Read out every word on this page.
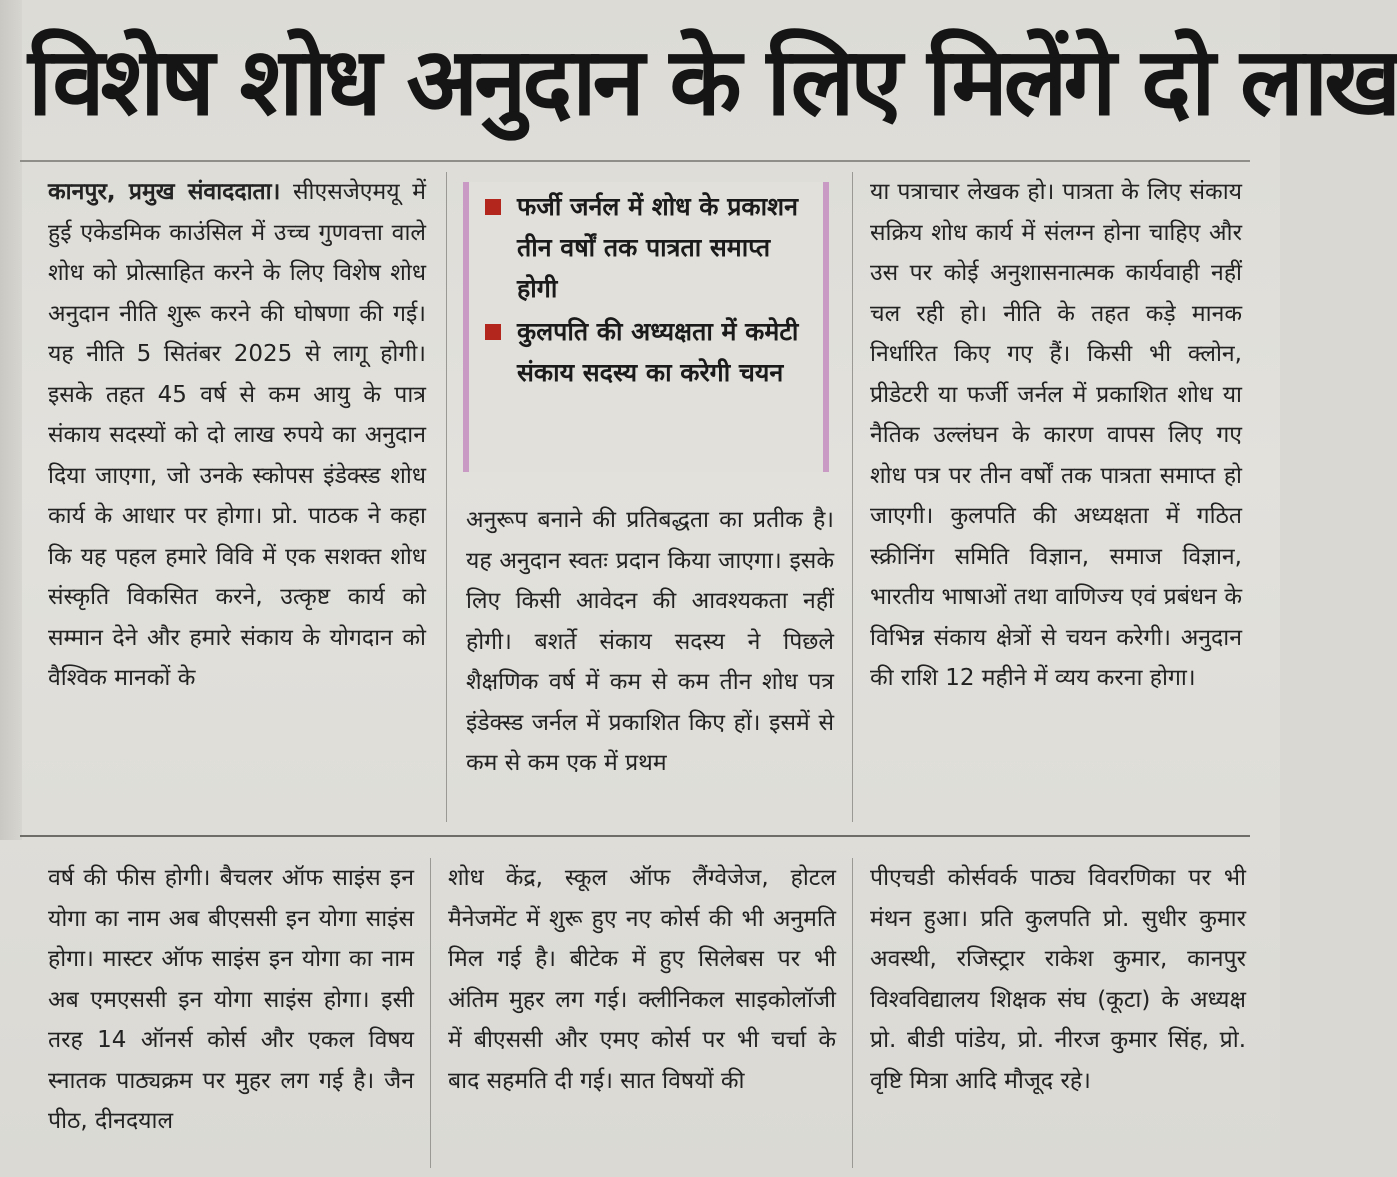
विशेष शोध अनुदान के लिए मिलेंगे दो लाख

कानपुर, प्रमुख संवाददाता। सीएसजेएमयू में हुई एकेडमिक काउंसिल में उच्च गुणवत्ता वाले शोध को प्रोत्साहित करने के लिए विशेष शोध अनुदान नीति शुरू करने की घोषणा की गई। यह नीति 5 सितंबर 2025 से लागू होगी। इसके तहत 45 वर्ष से कम आयु के पात्र संकाय सदस्यों को दो लाख रुपये का अनुदान दिया जाएगा, जो उनके स्कोपस इंडेक्स्ड शोध कार्य के आधार पर होगा। प्रो. पाठक ने कहा कि यह पहल हमारे विवि में एक सशक्त शोध संस्कृति विकसित करने, उत्कृष्ट कार्य को सम्मान देने और हमारे संकाय के योगदान को वैश्विक मानकों के

फर्जी जर्नल में शोध के प्रकाशन तीन वर्षों तक पात्रता समाप्त होगी
कुलपति की अध्यक्षता में कमेटी संकाय सदस्य का करेगी चयन

अनुरूप बनाने की प्रतिबद्धता का प्रतीक है। यह अनुदान स्वतः प्रदान किया जाएगा। इसके लिए किसी आवेदन की आवश्यकता नहीं होगी। बशर्ते संकाय सदस्य ने पिछले शैक्षणिक वर्ष में कम से कम तीन शोध पत्र इंडेक्स्ड जर्नल में प्रकाशित किए हों। इसमें से कम से कम एक में प्रथम

या पत्राचार लेखक हो। पात्रता के लिए संकाय सक्रिय शोध कार्य में संलग्न होना चाहिए और उस पर कोई अनुशासनात्मक कार्यवाही नहीं चल रही हो। नीति के तहत कड़े मानक निर्धारित किए गए हैं। किसी भी क्लोन, प्रीडेटरी या फर्जी जर्नल में प्रकाशित शोध या नैतिक उल्लंघन के कारण वापस लिए गए शोध पत्र पर तीन वर्षों तक पात्रता समाप्त हो जाएगी। कुलपति की अध्यक्षता में गठित स्क्रीनिंग समिति विज्ञान, समाज विज्ञान, भारतीय भाषाओं तथा वाणिज्य एवं प्रबंधन के विभिन्न संकाय क्षेत्रों से चयन करेगी। अनुदान की राशि 12 महीने में व्यय करना होगा।

वर्ष की फीस होगी। बैचलर ऑफ साइंस इन योगा का नाम अब बीएससी इन योगा साइंस होगा। मास्टर ऑफ साइंस इन योगा का नाम अब एमएससी इन योगा साइंस होगा। इसी तरह 14 ऑनर्स कोर्स और एकल विषय स्नातक पाठ्यक्रम पर मुहर लग गई है। जैन पीठ, दीनदयाल

शोध केंद्र, स्कूल ऑफ लैंग्वेजेज, होटल मैनेजमेंट में शुरू हुए नए कोर्स की भी अनुमति मिल गई है। बीटेक में हुए सिलेबस पर भी अंतिम मुहर लग गई। क्लीनिकल साइकोलॉजी में बीएससी और एमए कोर्स पर भी चर्चा के बाद सहमति दी गई। सात विषयों की

पीएचडी कोर्सवर्क पाठ्य विवरणिका पर भी मंथन हुआ। प्रति कुलपति प्रो. सुधीर कुमार अवस्थी, रजिस्ट्रार राकेश कुमार, कानपुर विश्वविद्यालय शिक्षक संघ (कूटा) के अध्यक्ष प्रो. बीडी पांडेय, प्रो. नीरज कुमार सिंह, प्रो. वृष्टि मित्रा आदि मौजूद रहे।
